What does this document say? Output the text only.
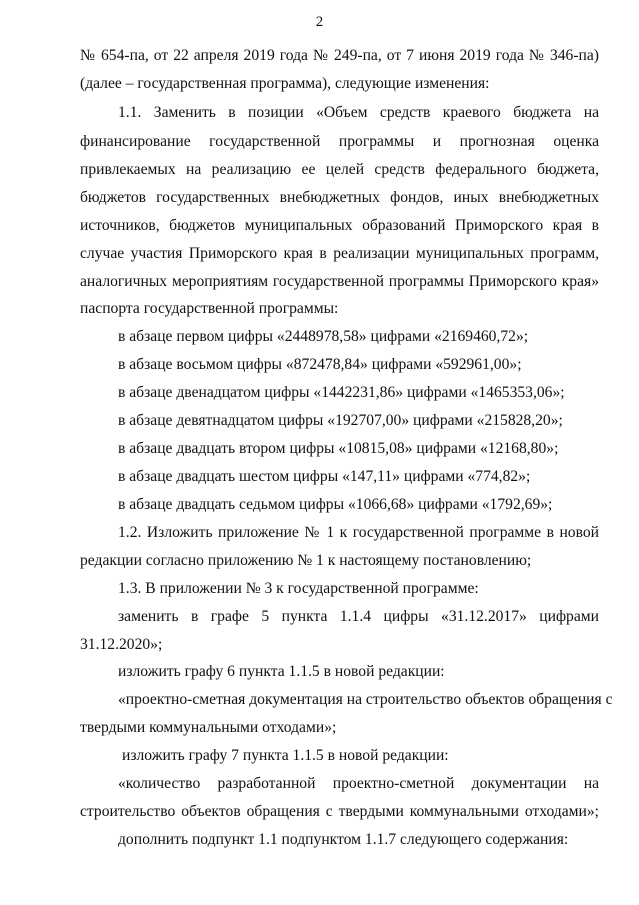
2
№ 654-па, от 22 апреля 2019 года № 249-па, от 7 июня 2019 года № 346-па)
(далее – государственная программа), следующие изменения:
1.1. Заменить в позиции «Объем средств краевого бюджета на
финансирование государственной программы и прогнозная оценка
привлекаемых на реализацию ее целей средств федерального бюджета,
бюджетов государственных внебюджетных фондов, иных внебюджетных
источников, бюджетов муниципальных образований Приморского края в
случае участия Приморского края в реализации муниципальных программ,
аналогичных мероприятиям государственной программы Приморского края»
паспорта государственной программы:
в абзаце первом цифры «2448978,58» цифрами «2169460,72»;
в абзаце восьмом цифры «872478,84» цифрами «592961,00»;
в абзаце двенадцатом цифры «1442231,86» цифрами «1465353,06»;
в абзаце девятнадцатом цифры «192707,00» цифрами «215828,20»;
в абзаце двадцать втором цифры «10815,08» цифрами «12168,80»;
в абзаце двадцать шестом цифры «147,11» цифрами «774,82»;
в абзаце двадцать седьмом цифры «1066,68» цифрами «1792,69»;
1.2. Изложить приложение № 1 к государственной программе в новой
редакции согласно приложению № 1 к настоящему постановлению;
1.3. В приложении № 3 к государственной программе:
заменить в графе 5 пункта 1.1.4 цифры «31.12.2017» цифрами
31.12.2020»;
изложить графу 6 пункта 1.1.5 в новой редакции:
«проектно-сметная документация на строительство объектов обращения с
твердыми коммунальными отходами»;
изложить графу 7 пункта 1.1.5 в новой редакции:
«количество разработанной проектно-сметной документации на
строительство объектов обращения с твердыми коммунальными отходами»;
дополнить подпункт 1.1 подпунктом 1.1.7 следующего содержания:
